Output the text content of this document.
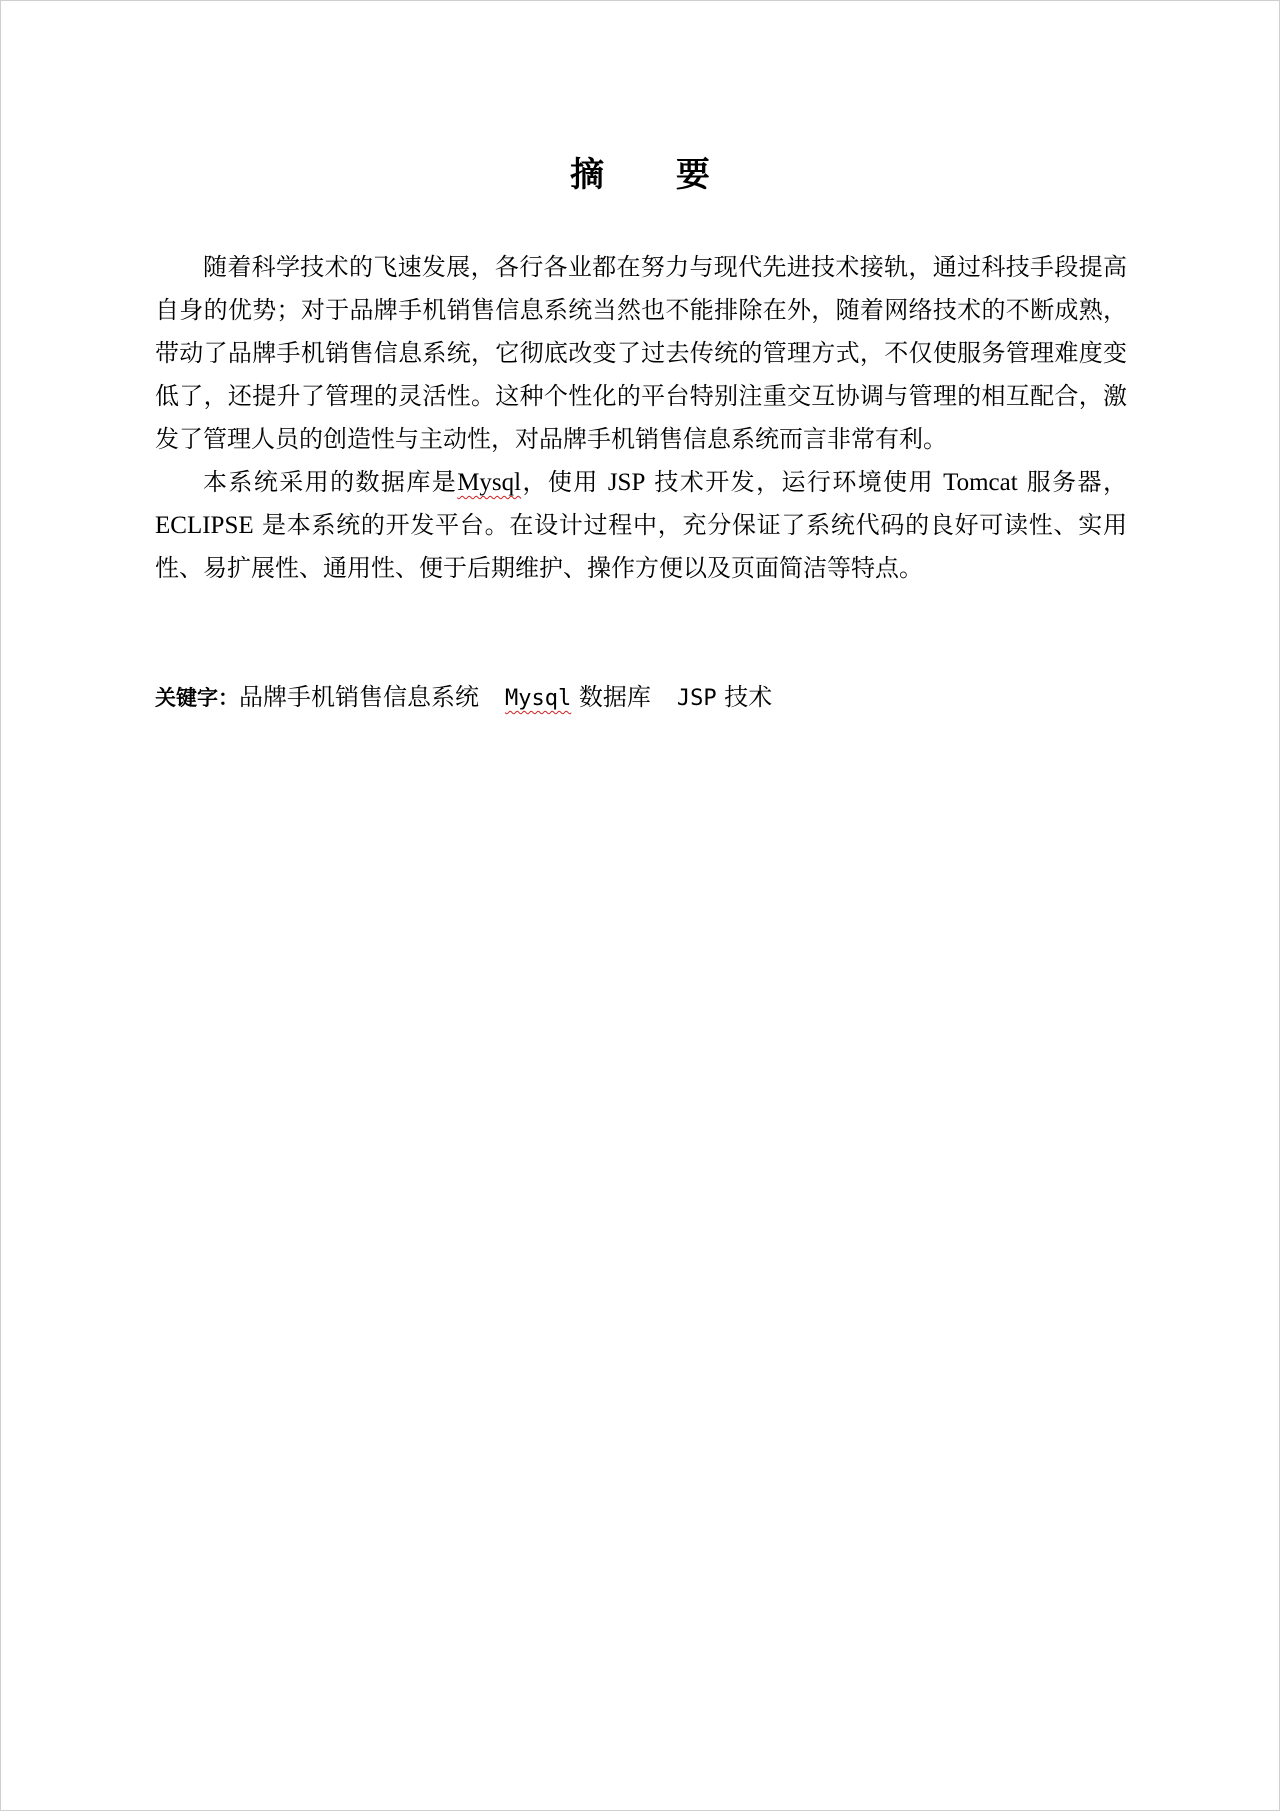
摘 要

随着科学技术的飞速发展，各行各业都在努力与现代先进技术接轨，通过科技手段提高自身的优势；对于品牌手机销售信息系统当然也不能排除在外，随着网络技术的不断成熟，带动了品牌手机销售信息系统，它彻底改变了过去传统的管理方式，不仅使服务管理难度变低了，还提升了管理的灵活性。这种个性化的平台特别注重交互协调与管理的相互配合，激发了管理人员的创造性与主动性，对品牌手机销售信息系统而言非常有利。

本系统采用的数据库是Mysql，使用 JSP 技术开发，运行环境使用 Tomcat 服务器，ECLIPSE 是本系统的开发平台。在设计过程中，充分保证了系统代码的良好可读性、实用性、易扩展性、通用性、便于后期维护、操作方便以及页面简洁等特点。

关键字：品牌手机销售信息系统 Mysql 数据库 JSP 技术
